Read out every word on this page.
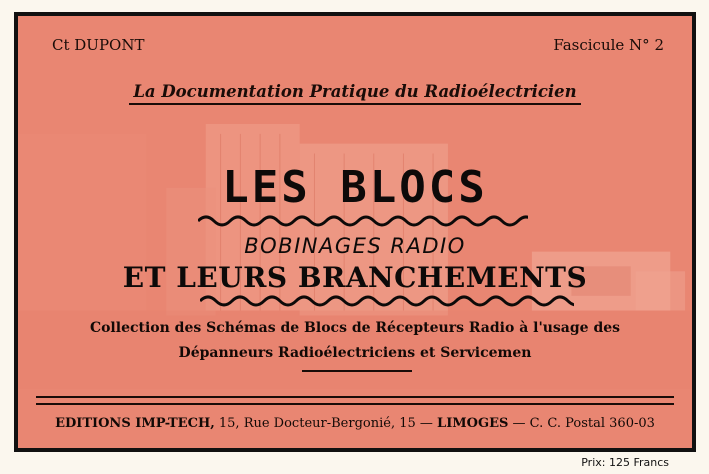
Ct DUPONT	Fascicule N° 2
La Documentation Pratique du Radioélectricien
LES BLOCS
BOBINAGES RADIO
ET LEURS BRANCHEMENTS
Collection des Schémas de Blocs de Récepteurs Radio à l'usage des
Dépanneurs Radioélectriciens et Servicemen
EDITIONS IMP-TECH, 15, Rue Docteur-Bergonié, 15 — LIMOGES — C. C. Postal 360-03
Prix: 125 Francs
